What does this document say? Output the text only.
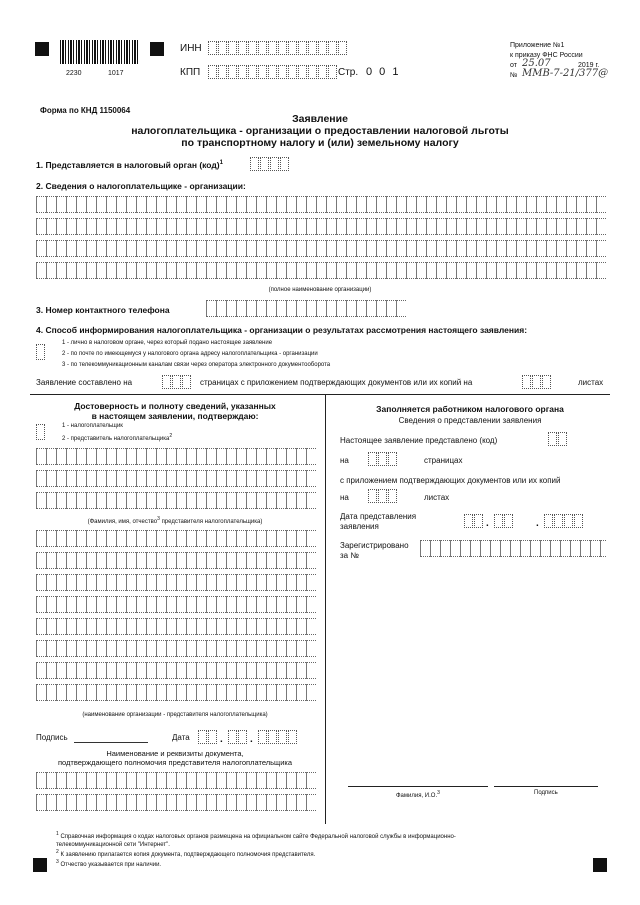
2230	1017
ИНН
КПП	Стр. 0 0 1
Приложение №1
к приказу ФНС России
от 25.07	2019 г.
№ ММВ-7-21/377@
Форма по КНД 1150064
Заявление
налогоплательщика - организации о предоставлении налоговой льготы
по транспортному налогу и (или) земельному налогу
1. Представляется в налоговый орган (код)$^1$
2. Сведения о налогоплательщике - организации:
(полное наименование организации)
3. Номер контактного телефона
4. Способ информирования налогоплательщика - организации о результатах рассмотрения настоящего заявления:
1 - лично в налоговом органе, через который подано настоящее заявление
2 - по почте по имеющемуся у налогового органа адресу налогоплательщика - организации
3 - по телекоммуникационным каналам связи через оператора электронного документооборота
Заявление составлено на	страницах с приложением подтверждающих документов или их копий на	листах
Достоверность и полноту сведений, указанных
в настоящем заявлении, подтверждаю:
1 - налогоплательщик
2 - представитель налогоплательщика$^2$
(Фамилия, имя, отчество$^3$ представителя налогоплательщика)
(наименование организации - представителя налогоплательщика)
Подпись	Дата	.	.
Наименование и реквизиты документа,
подтверждающего полномочия представителя налогоплательщика
Заполняется работником налогового органа
Сведения о представлении заявления
Настоящее заявление представлено (код)
на	страницах
с приложением подтверждающих документов или их копий
на	листах
Дата представления
заявления	.	.
Зарегистрировано
за №
Фамилия, И.О.$^3$	Подпись
$^1$ Справочная информация о кодах налоговых органов размещена на официальном сайте Федеральной налоговой службы в информационно-
телекоммуникационной сети "Интернет".
$^2$ К заявлению прилагается копия документа, подтверждающего полномочия представителя.
$^3$ Отчество указывается при наличии.
